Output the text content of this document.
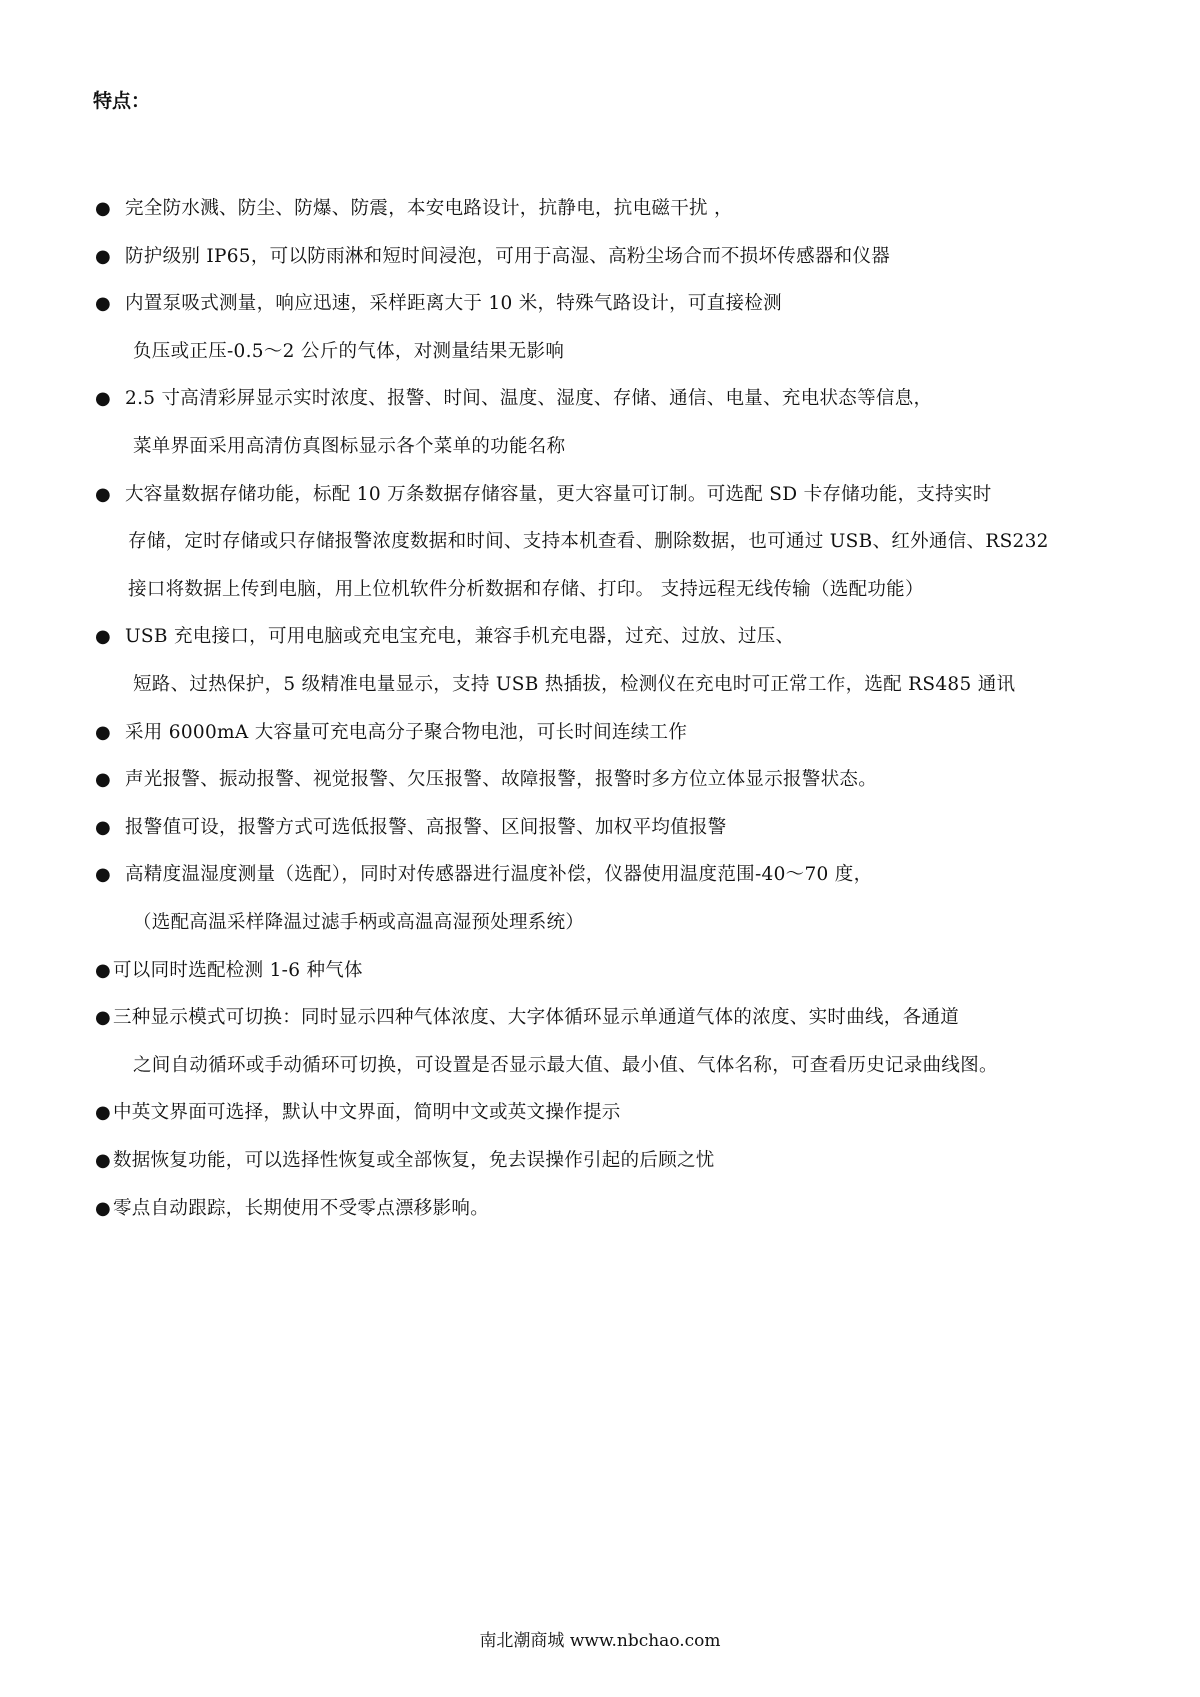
特点：
● 完全防水溅、防尘、防爆、防震，本安电路设计，抗静电，抗电磁干扰 ，
● 防护级别 IP65，可以防雨淋和短时间浸泡，可用于高湿、高粉尘场合而不损坏传感器和仪器
● 内置泵吸式测量，响应迅速，采样距离大于 10 米，特殊气路设计，可直接检测
负压或正压-0.5～2 公斤的气体，对测量结果无影响
● 2.5 寸高清彩屏显示实时浓度、报警、时间、温度、湿度、存储、通信、电量、充电状态等信息，
菜单界面采用高清仿真图标显示各个菜单的功能名称
● 大容量数据存储功能，标配 10 万条数据存储容量，更大容量可订制。可选配 SD 卡存储功能，支持实时
存储，定时存储或只存储报警浓度数据和时间、支持本机查看、删除数据，也可通过 USB、红外通信、RS232
接口将数据上传到电脑，用上位机软件分析数据和存储、打印。 支持远程无线传输（选配功能）
● USB 充电接口，可用电脑或充电宝充电，兼容手机充电器，过充、过放、过压、
短路、过热保护，5 级精准电量显示，支持 USB 热插拔，检测仪在充电时可正常工作，选配 RS485 通讯
● 采用 6000mA 大容量可充电高分子聚合物电池，可长时间连续工作
● 声光报警、振动报警、视觉报警、欠压报警、故障报警，报警时多方位立体显示报警状态。
● 报警值可设，报警方式可选低报警、高报警、区间报警、加权平均值报警
● 高精度温湿度测量（选配），同时对传感器进行温度补偿，仪器使用温度范围-40～70 度，
（选配高温采样降温过滤手柄或高温高湿预处理系统）
● 可以同时选配检测 1-6 种气体
● 三种显示模式可切换：同时显示四种气体浓度、大字体循环显示单通道气体的浓度、实时曲线，各通道
之间自动循环或手动循环可切换，可设置是否显示最大值、最小值、气体名称，可查看历史记录曲线图。
● 中英文界面可选择，默认中文界面，简明中文或英文操作提示
● 数据恢复功能，可以选择性恢复或全部恢复，免去误操作引起的后顾之忧
● 零点自动跟踪，长期使用不受零点漂移影响。
南北潮商城 www.nbchao.com
